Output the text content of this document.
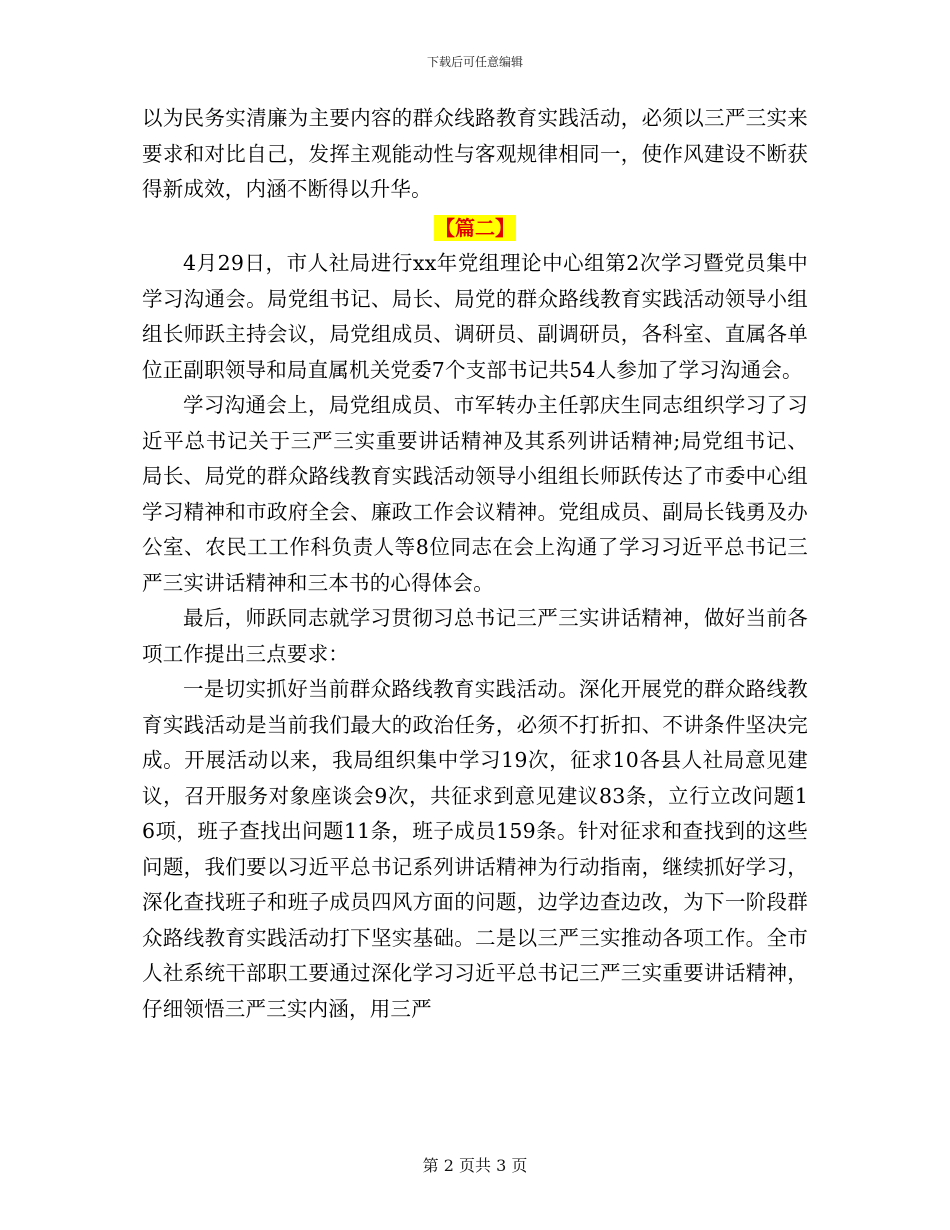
下载后可任意编辑

以为民务实清廉为主要内容的群众线路教育实践活动，必须以三严三实来要求和对比自己，发挥主观能动性与客观规律相同一，使作风建设不断获得新成效，内涵不断得以升华。

【篇二】

4月29日，市人社局进行xx年党组理论中心组第2次学习暨党员集中学习沟通会。局党组书记、局长、局党的群众路线教育实践活动领导小组组长师跃主持会议，局党组成员、调研员、副调研员，各科室、直属各单位正副职领导和局直属机关党委7个支部书记共54人参加了学习沟通会。

学习沟通会上，局党组成员、市军转办主任郭庆生同志组织学习了习近平总书记关于三严三实重要讲话精神及其系列讲话精神;局党组书记、局长、局党的群众路线教育实践活动领导小组组长师跃传达了市委中心组学习精神和市政府全会、廉政工作会议精神。党组成员、副局长钱勇及办公室、农民工工作科负责人等8位同志在会上沟通了学习习近平总书记三严三实讲话精神和三本书的心得体会。

最后，师跃同志就学习贯彻习总书记三严三实讲话精神，做好当前各项工作提出三点要求：

一是切实抓好当前群众路线教育实践活动。深化开展党的群众路线教育实践活动是当前我们最大的政治任务，必须不打折扣、不讲条件坚决完成。开展活动以来，我局组织集中学习19次，征求10各县人社局意见建议，召开服务对象座谈会9次，共征求到意见建议83条，立行立改问题16项，班子查找出问题11条，班子成员159条。针对征求和查找到的这些问题，我们要以习近平总书记系列讲话精神为行动指南，继续抓好学习，深化查找班子和班子成员四风方面的问题，边学边查边改，为下一阶段群众路线教育实践活动打下坚实基础。二是以三严三实推动各项工作。全市人社系统干部职工要通过深化学习习近平总书记三严三实重要讲话精神，仔细领悟三严三实内涵，用三严

第 2 页共 3 页
